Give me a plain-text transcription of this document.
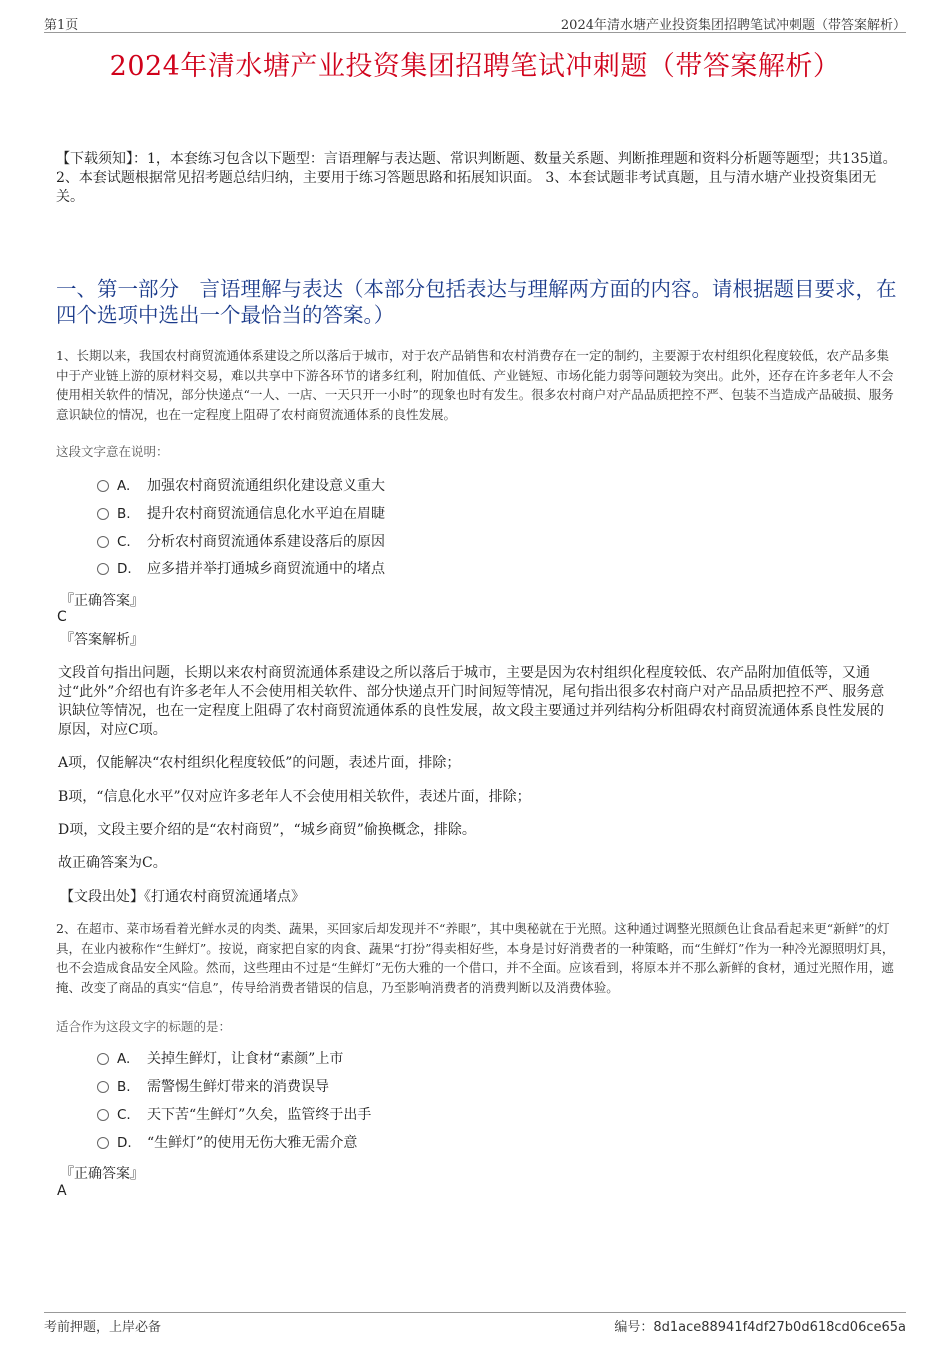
第1页	2024年清水塘产业投资集团招聘笔试冲刺题（带答案解析）
2024年清水塘产业投资集团招聘笔试冲刺题（带答案解析）
【下载须知】：1，本套练习包含以下题型：言语理解与表达题、常识判断题、数量关系题、判断推理题和资料分析题等题型；共135道。 2、本套试题根据常见招考题总结归纳，主要用于练习答题思路和拓展知识面。 3、本套试题非考试真题，且与清水塘产业投资集团无关。
一、第一部分　言语理解与表达（本部分包括表达与理解两方面的内容。请根据题目要求，在四个选项中选出一个最恰当的答案。）
1、长期以来，我国农村商贸流通体系建设之所以落后于城市，对于农产品销售和农村消费存在一定的制约，主要源于农村组织化程度较低，农产品多集中于产业链上游的原材料交易，难以共享中下游各环节的诸多红利，附加值低、产业链短、市场化能力弱等问题较为突出。此外，还存在许多老年人不会使用相关软件的情况，部分快递点“一人、一店、一天只开一小时”的现象也时有发生。很多农村商户对产品品质把控不严、包装不当造成产品破损、服务意识缺位的情况，也在一定程度上阻碍了农村商贸流通体系的良性发展。
这段文字意在说明：
A. 加强农村商贸流通组织化建设意义重大
B. 提升农村商贸流通信息化水平迫在眉睫
C. 分析农村商贸流通体系建设落后的原因
D. 应多措并举打通城乡商贸流通中的堵点
『正确答案』
C
『答案解析』
文段首句指出问题，长期以来农村商贸流通体系建设之所以落后于城市，主要是因为农村组织化程度较低、农产品附加值低等，又通过“此外”介绍也有许多老年人不会使用相关软件、部分快递点开门时间短等情况，尾句指出很多农村商户对产品品质把控不严、服务意识缺位等情况，也在一定程度上阻碍了农村商贸流通体系的良性发展，故文段主要通过并列结构分析阻碍农村商贸流通体系良性发展的原因，对应C项。
A项，仅能解决“农村组织化程度较低”的问题，表述片面，排除；
B项，“信息化水平”仅对应许多老年人不会使用相关软件，表述片面，排除；
D项，文段主要介绍的是“农村商贸”，“城乡商贸”偷换概念，排除。
故正确答案为C。
【文段出处】《打通农村商贸流通堵点》
2、在超市、菜市场看着光鲜水灵的肉类、蔬果，买回家后却发现并不“养眼”，其中奥秘就在于光照。这种通过调整光照颜色让食品看起来更“新鲜”的灯具，在业内被称作“生鲜灯”。按说，商家把自家的肉食、蔬果“打扮”得卖相好些，本身是讨好消费者的一种策略，而“生鲜灯”作为一种冷光源照明灯具，也不会造成食品安全风险。然而，这些理由不过是“生鲜灯”无伤大雅的一个借口，并不全面。应该看到，将原本并不那么新鲜的食材，通过光照作用，遮掩、改变了商品的真实“信息”，传导给消费者错误的信息，乃至影响消费者的消费判断以及消费体验。
适合作为这段文字的标题的是：
A. 关掉生鲜灯，让食材“素颜”上市
B. 需警惕生鲜灯带来的消费误导
C. 天下苦“生鲜灯”久矣，监管终于出手
D. “生鲜灯”的使用无伤大雅无需介意
『正确答案』
A
考前押题，上岸必备	编号：8d1ace88941f4df27b0d618cd06ce65a
